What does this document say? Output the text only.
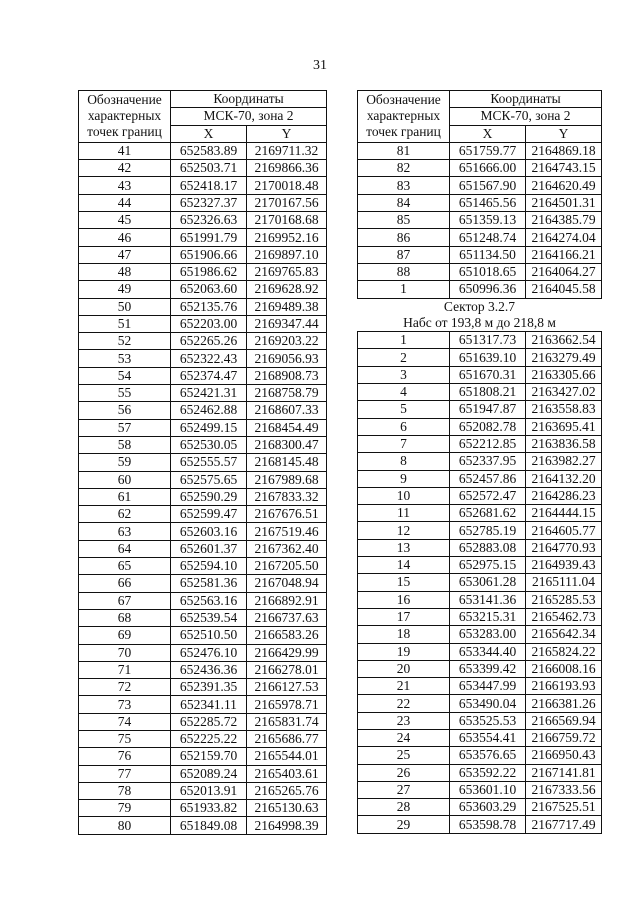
31
Обозначение
характерных
точек границ	Координаты	
	МСК-70, зона 2	
	X	Y
41	652583.89	2169711.32
42	652503.71	2169866.36
43	652418.17	2170018.48
44	652327.37	2170167.56
45	652326.63	2170168.68
46	651991.79	2169952.16
47	651906.66	2169897.10
48	651986.62	2169765.83
49	652063.60	2169628.92
50	652135.76	2169489.38
51	652203.00	2169347.44
52	652265.26	2169203.22
53	652322.43	2169056.93
54	652374.47	2168908.73
55	652421.31	2168758.79
56	652462.88	2168607.33
57	652499.15	2168454.49
58	652530.05	2168300.47
59	652555.57	2168145.48
60	652575.65	2167989.68
61	652590.29	2167833.32
62	652599.47	2167676.51
63	652603.16	2167519.46
64	652601.37	2167362.40
65	652594.10	2167205.50
66	652581.36	2167048.94
67	652563.16	2166892.91
68	652539.54	2166737.63
69	652510.50	2166583.26
70	652476.10	2166429.99
71	652436.36	2166278.01
72	652391.35	2166127.53
73	652341.11	2165978.71
74	652285.72	2165831.74
75	652225.22	2165686.77
76	652159.70	2165544.01
77	652089.24	2165403.61
78	652013.91	2165265.76
79	651933.82	2165130.63
80	651849.08	2164998.39
Обозначение
характерных
точек границ	Координаты	
	МСК-70, зона 2	
	X	Y
81	651759.77	2164869.18
82	651666.00	2164743.15
83	651567.90	2164620.49
84	651465.56	2164501.31
85	651359.13	2164385.79
86	651248.74	2164274.04
87	651134.50	2164166.21
88	651018.65	2164064.27
1	650996.36	2164045.58
Сектор 3.2.7		
Набс от 193,8 м до 218,8 м		
1	651317.73	2163662.54
2	651639.10	2163279.49
3	651670.31	2163305.66
4	651808.21	2163427.02
5	651947.87	2163558.83
6	652082.78	2163695.41
7	652212.85	2163836.58
8	652337.95	2163982.27
9	652457.86	2164132.20
10	652572.47	2164286.23
11	652681.62	2164444.15
12	652785.19	2164605.77
13	652883.08	2164770.93
14	652975.15	2164939.43
15	653061.28	2165111.04
16	653141.36	2165285.53
17	653215.31	2165462.73
18	653283.00	2165642.34
19	653344.40	2165824.22
20	653399.42	2166008.16
21	653447.99	2166193.93
22	653490.04	2166381.26
23	653525.53	2166569.94
24	653554.41	2166759.72
25	653576.65	2166950.43
26	653592.22	2167141.81
27	653601.10	2167333.56
28	653603.29	2167525.51
29	653598.78	2167717.49
